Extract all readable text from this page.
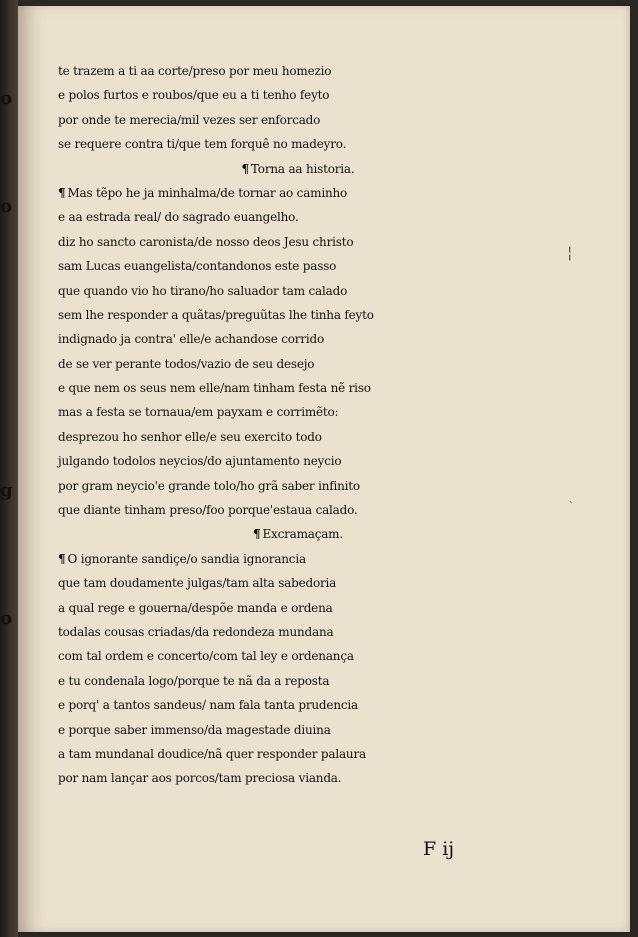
te trazem a ti aa corte/preso por meu homezio
e polos furtos e roubos/que eu a ti tenho feyto
por onde te merecia/mil vezes ser enforcado
se requere contra ti/que tem forquê no madeyro.
¶ Torna aa historia.
¶ Mas tẽpo he ja minhalma/de tornar ao caminho
e aa estrada real/ do sagrado euangelho.
diz ho sancto caronista/de nosso deos Jesu christo
sam Lucas euangelista/contandonos este passo
que quando vio ho tirano/ho saluador tam calado
sem lhe responder a quãtas/preguũtas lhe tinha feyto
indignado ja contra' elle/e achandose corrido
de se ver perante todos/vazio de seu desejo
e que nem os seus nem elle/nam tinham festa nẽ riso
mas a festa se tornaua/em payxam e corrimẽto:
desprezou ho senhor elle/e seu exercito todo
julgando todolos neycios/do ajuntamento neycio
por gram neycio'e grande tolo/ho grã saber infinito
que diante tinham preso/foo porque'estaua calado.
¶ Excramaçam.
¶ O ignorante sandiçe/o sandia ignorancia
que tam doudamente julgas/tam alta sabedoria
a qual rege e gouerna/despõe manda e ordena
todalas cousas criadas/da redondeza mundana
com tal ordem e concerto/com tal ley e ordenança
e tu condenala logo/porque te nã da a reposta
e porq' a tantos sandeus/ nam fala tanta prudencia
e porque saber immenso/da magestade diuina
a tam mundanal doudice/nã quer responder palaura
por nam lançar aos porcos/tam preciosa vianda.
F ij
¦
`
o
o
g
o
